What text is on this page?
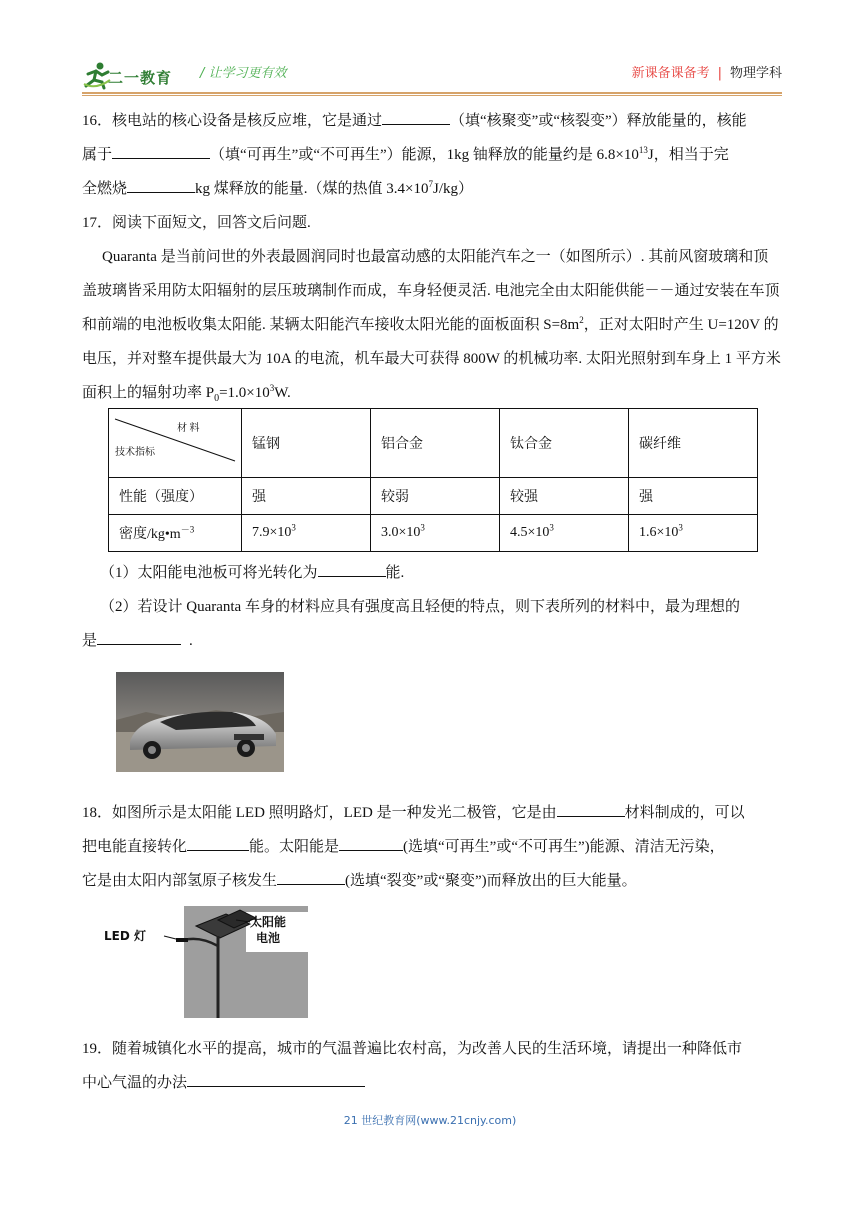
二一教育 / 让学习更有效	新课备课备考 | 物理学科
16．核电站的核心设备是核反应堆，它是通过	（填“核聚变”或“核裂变”）释放能量的，核能
属于	（填“可再生”或“不可再生”）能源，1kg 铀释放的能量约是 $6.8\times 10^{13}J$，相当于完
全燃烧	kg 煤释放的能量.（煤的热值 $3.4\times 10^7J/kg$）
17．阅读下面短文，回答文后问题.
Quaranta 是当前问世的外表最圆润同时也最富动感的太阳能汽车之一（如图所示）. 其前风窗玻璃和顶盖玻璃皆采用防太阳辐射的层压玻璃制作而成，车身轻便灵活. 电池完全由太阳能供能－－通过安装在车顶和前端的电池板收集太阳能. 某辆太阳能汽车接收太阳光能的面板面积 $S=8m^2$，正对太阳时产生 U=120V 的电压，并对整车提供最大为 10A 的电流，机车最大可获得 800W 的机械功率. 太阳光照射到车身上 1 平方米面积上的辐射功率 $P_0=1.0\times 10^3W$.
材 料
技术指标	锰钢	铝合金	钛合金	碳纤维
性能（强度）	强	较弱	较强	强
密度$/kg•m^{-3}$	$7.9\times 10^3$	$3.0\times 10^3$	$4.5\times 10^3$	$1.6\times 10^3$
（1）太阳能电池板可将光转化为	能.
（2）若设计 Quaranta 车身的材料应具有强度高且轻便的特点，则下表所列的材料中，最为理想的
是	.
18．如图所示是太阳能 LED 照明路灯，LED 是一种发光二极管，它是由	材料制成的，可以
把电能直接转化	能。太阳能是	(选填“可再生”或“不可再生”)能源、清洁无污染，
它是由太阳内部氢原子核发生	(选填“裂变”或“聚变”)而释放出的巨大能量。
LED 灯
太阳能
电池
19．随着城镇化水平的提高，城市的气温普遍比农村高，为改善人民的生活环境，请提出一种降低市
中心气温的办法
21 世纪教育网(www.21cnjy.com)
